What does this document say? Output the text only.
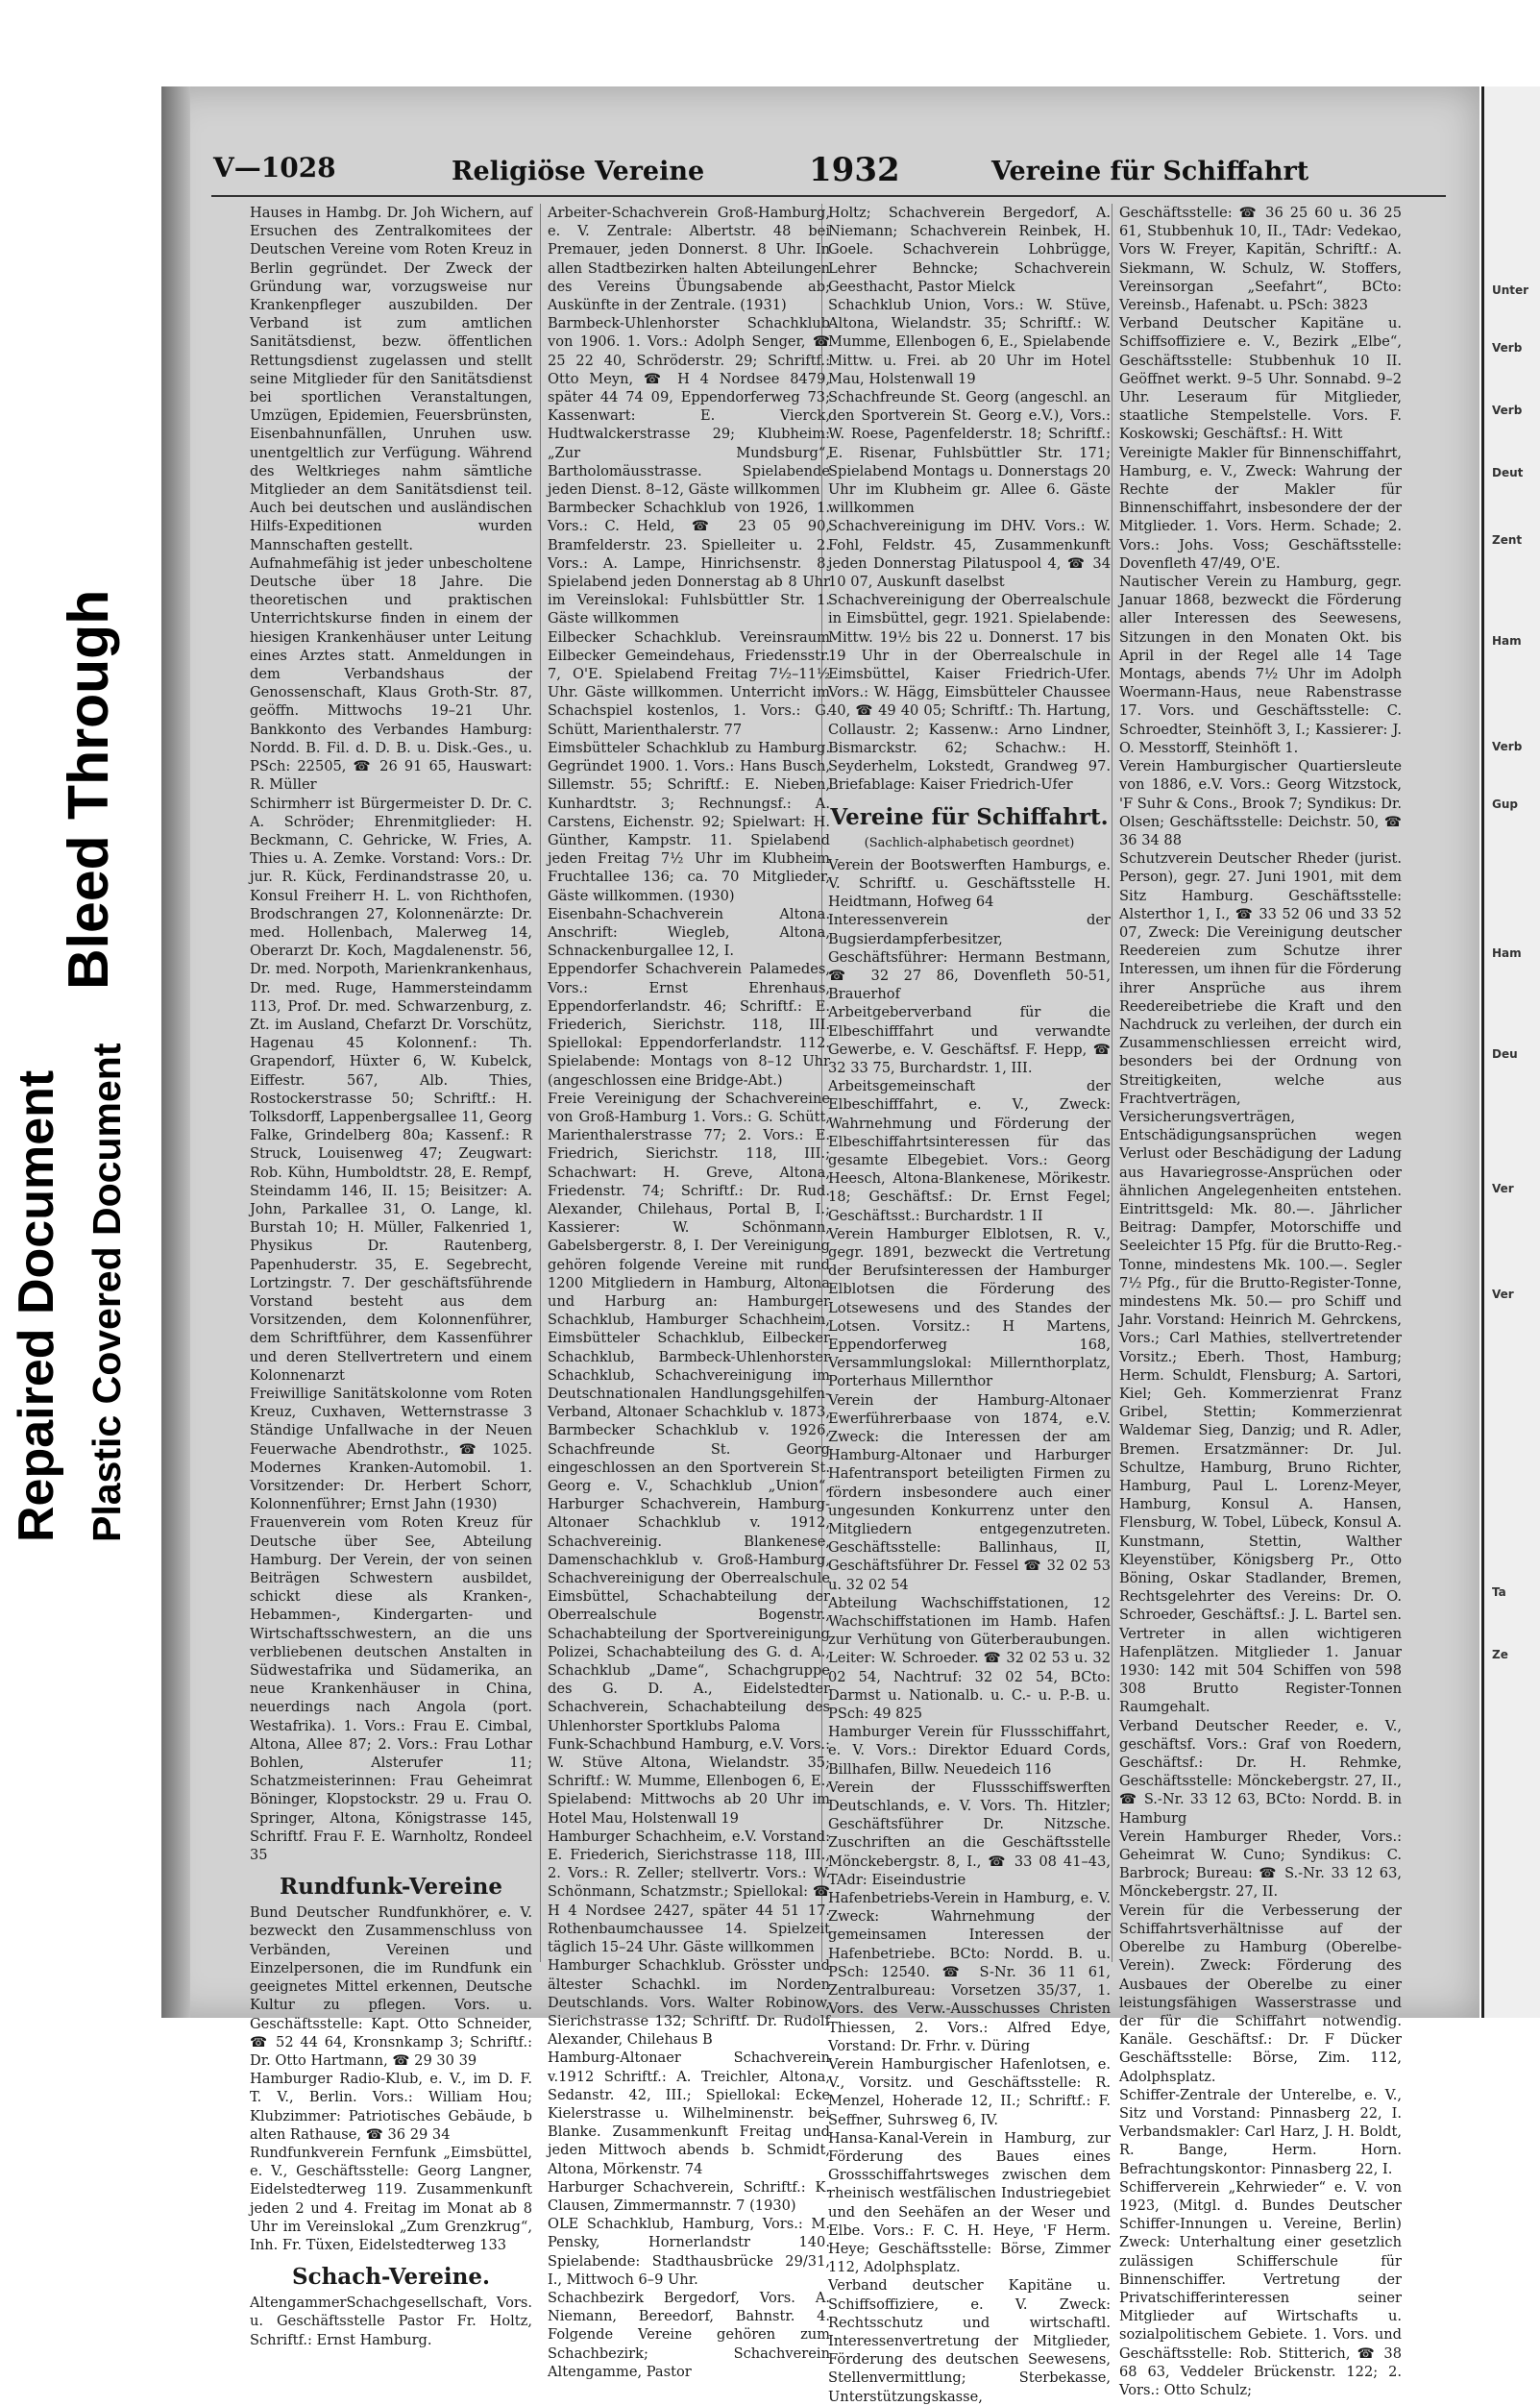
V—1028	Religiöse Vereine	1932	Vereine für Schiffahrt

Hauses in Hambg. Dr. Joh Wichern, auf Ersuchen des Zentralkomitees der Deutschen Vereine vom Roten Kreuz in Berlin gegründet. Der Zweck der Gründung war, vorzugsweise nur Krankenpfleger auszubilden. Der Verband ist zum amtlichen Sanitätsdienst, bezw. öffentlichen Rettungsdienst zugelassen und stellt seine Mitglieder für den Sanitätsdienst bei sportlichen Veranstaltungen, Umzügen, Epidemien, Feuersbrünsten, Eisenbahnunfällen, Unruhen usw. unentgeltlich zur Verfügung. Während des Weltkrieges nahm sämtliche Mitglieder an dem Sanitätsdienst teil. Auch bei deutschen und ausländischen Hilfs-Expeditionen wurden Mannschaften gestellt.

Aufnahmefähig ist jeder unbescholtene Deutsche über 18 Jahre. Die theoretischen und praktischen Unterrichtskurse finden in einem der hiesigen Krankenhäuser unter Leitung eines Arztes statt. Anmeldungen in dem Verbandshaus der Genossenschaft, Klaus Groth-Str. 87, geöffn. Mittwochs 19–21 Uhr. Bankkonto des Verbandes Hamburg: Nordd. B. Fil. d. D. B. u. Disk.-Ges., u. PSch: 22505, ☎ 26 91 65, Hauswart: R. Müller

Schirmherr ist Bürgermeister D. Dr. C. A. Schröder; Ehrenmitglieder: H. Beckmann, C. Gehricke, W. Fries, A. Thies u. A. Zemke. Vorstand: Vors.: Dr. jur. R. Kück, Ferdinandstrasse 20, u. Konsul Freiherr H. L. von Richthofen, Brodschrangen 27, Kolonnenärzte: Dr. med. Hollenbach, Malerweg 14, Oberarzt Dr. Koch, Magdalenenstr. 56, Dr. med. Norpoth, Marienkrankenhaus, Dr. med. Ruge, Hammersteindamm 113, Prof. Dr. med. Schwarzenburg, z. Zt. im Ausland, Chefarzt Dr. Vorschütz, Hagenau 45 Kolonnenf.: Th. Grapendorf, Hüxter 6, W. Kubelck, Eiffestr. 567, Alb. Thies, Rostockerstrasse 50; Schriftf.: H. Tolksdorff, Lappenbergsallee 11, Georg Falke, Grindelberg 80a; Kassenf.: R Struck, Louisenweg 47; Zeugwart: Rob. Kühn, Humboldtstr. 28, E. Rempf, Steindamm 146, II. 15; Beisitzer: A. John, Parkallee 31, O. Lange, kl. Burstah 10; H. Müller, Falkenried 1, Physikus Dr. Rautenberg, Papenhuderstr. 35, E. Segebrecht, Lortzingstr. 7. Der geschäftsführende Vorstand besteht aus dem Vorsitzenden, dem Kolonnenführer, dem Schriftführer, dem Kassenführer und deren Stellvertretern und einem Kolonnenarzt

Freiwillige Sanitätskolonne vom Roten Kreuz, Cuxhaven, Wetternstrasse 3 Ständige Unfallwache in der Neuen Feuerwache Abendrothstr., ☎ 1025. Modernes Kranken-Automobil. 1. Vorsitzender: Dr. Herbert Schorr, Kolonnenführer; Ernst Jahn (1930)

Frauenverein vom Roten Kreuz für Deutsche über See, Abteilung Hamburg. Der Verein, der von seinen Beiträgen Schwestern ausbildet, schickt diese als Kranken-, Hebammen-, Kindergarten- und Wirtschaftsschwestern, an die uns verbliebenen deutschen Anstalten in Südwestafrika und Südamerika, an neue Krankenhäuser in China, neuerdings nach Angola (port. Westafrika). 1. Vors.: Frau E. Cimbal, Altona, Allee 87; 2. Vors.: Frau Lothar Bohlen, Alsterufer 11; Schatzmeisterinnen: Frau Geheimrat Böninger, Klopstockstr. 29 u. Frau O. Springer, Altona, Königstrasse 145, Schriftf. Frau F. E. Warnholtz, Rondeel 35

Rundfunk-Vereine

Bund Deutscher Rundfunkhörer, e. V. bezweckt den Zusammenschluss von Verbänden, Vereinen und Einzelpersonen, die im Rundfunk ein geeignetes Mittel erkennen, Deutsche Kultur zu pflegen. Vors. u. Geschäftsstelle: Kapt. Otto Schneider, ☎ 52 44 64, Kronsnkamp 3; Schriftf.: Dr. Otto Hartmann, ☎ 29 30 39

Hamburger Radio-Klub, e. V., im D. F. T. V., Berlin. Vors.: William Hou; Klubzimmer: Patriotisches Gebäude, b alten Rathause, ☎ 36 29 34

Rundfunkverein Fernfunk „Eimsbüttel, e. V., Geschäftsstelle: Georg Langner, Eidelstedterweg 119. Zusammenkunft jeden 2 und 4. Freitag im Monat ab 8 Uhr im Vereinslokal „Zum Grenzkrug“, Inh. Fr. Tüxen, Eidelstedterweg 133

Schach-Vereine.

AltengammerSchachgesellschaft, Vors. u. Geschäftsstelle Pastor Fr. Holtz, Schriftf.: Ernst Hamburg.

Arbeiter-Schachverein Groß-Hamburg, e. V. Zentrale: Albertstr. 48 bei Premauer, jeden Donnerst. 8 Uhr. In allen Stadtbezirken halten Abteilungen des Vereins Übungsabende ab; Auskünfte in der Zentrale. (1931)

Barmbeck-Uhlenhorster Schachklub von 1906. 1. Vors.: Adolph Senger, ☎ 25 22 40, Schröderstr. 29; Schriftf.: Otto Meyn, ☎ H 4 Nordsee 8479, später 44 74 09, Eppendorferweg 73; Kassenwart: E. Vierck, Hudtwalckerstrasse 29; Klubheim: „Zur Mundsburg“, Bartholomäusstrasse. Spielabende jeden Dienst. 8–12, Gäste willkommen

Barmbecker Schachklub von 1926, 1. Vors.: C. Held, ☎ 23 05 90, Bramfelderstr. 23. Spielleiter u. 2. Vors.: A. Lampe, Hinrichsenstr. 8. Spielabend jeden Donnerstag ab 8 Uhr im Vereinslokal: Fuhlsbüttler Str. 1. Gäste willkommen

Eilbecker Schachklub. Vereinsraum Eilbecker Gemeindehaus, Friedensstr. 7, O'E. Spielabend Freitag 7½–11½ Uhr. Gäste willkommen. Unterricht im Schachspiel kostenlos, 1. Vors.: G. Schütt, Marienthalerstr. 77

Eimsbütteler Schachklub zu Hamburg. Gegründet 1900. 1. Vors.: Hans Busch, Sillemstr. 55; Schriftf.: E. Nieben, Kunhardtstr. 3; Rechnungsf.: A. Carstens, Eichenstr. 92; Spielwart: H. Günther, Kampstr. 11. Spielabend jeden Freitag 7½ Uhr im Klubheim Fruchtallee 136; ca. 70 Mitglieder, Gäste willkommen. (1930)

Eisenbahn-Schachverein Altona. Anschrift: Wiegleb, Altona, Schnackenburgallee 12, I.

Eppendorfer Schachverein Palamedes, Vors.: Ernst Ehrenhaus, Eppendorferlandstr. 46; Schriftf.: E. Friederich, Sierichstr. 118, III. Spiellokal: Eppendorferlandstr. 112. Spielabende: Montags von 8–12 Uhr (angeschlossen eine Bridge-Abt.)

Freie Vereinigung der Schachvereine von Groß-Hamburg 1. Vors.: G. Schütt, Marienthalerstrasse 77; 2. Vors.: E. Friedrich, Sierichstr. 118, III.; Schachwart: H. Greve, Altona, Friedenstr. 74; Schriftf.: Dr. Rud. Alexander, Chilehaus, Portal B, I.; Kassierer: W. Schönmann, Gabelsbergerstr. 8, I. Der Vereinigung gehören folgende Vereine mit rund 1200 Mitgliedern in Hamburg, Altona und Harburg an: Hamburger Schachklub, Hamburger Schachheim, Eimsbütteler Schachklub, Eilbecker Schachklub, Barmbeck-Uhlenhorster Schachklub, Schachvereinigung im Deutschnationalen Handlungsgehilfen-Verband, Altonaer Schachklub v. 1873, Barmbecker Schachklub v. 1926, Schachfreunde St. Georg eingeschlossen an den Sportverein St. Georg e. V., Schachklub „Union“, Harburger Schachverein, Hamburg-Altonaer Schachklub v. 1912, Schachvereinig. Blankenese, Damenschachklub v. Groß-Hamburg, Schachvereinigung der Oberrealschule Eimsbüttel, Schachabteilung der Oberrealschule Bogenstr., Schachabteilung der Sportvereinigung Polizei, Schachabteilung des G. d. A., Schachklub „Dame“, Schachgruppe des G. D. A., Eidelstedter Schachverein, Schachabteilung des Uhlenhorster Sportklubs Paloma

Funk-Schachbund Hamburg, e.V. Vors.: W. Stüve Altona, Wielandstr. 35; Schriftf.: W. Mumme, Ellenbogen 6, E., Spielabend: Mittwochs ab 20 Uhr im Hotel Mau, Holstenwall 19

Hamburger Schachheim, e.V. Vorstand: E. Friederich, Sierichstrasse 118, III., 2. Vors.: R. Zeller; stellvertr. Vors.: W. Schönmann, Schatzmstr.; Spiellokal: ☎ H 4 Nordsee 2427, später 44 51 17. Rothenbaumchaussee 14. Spielzeit täglich 15–24 Uhr. Gäste willkommen

Hamburger Schachklub. Grösster und ältester Schachkl. im Norden Deutschlands. Vors. Walter Robinow, Sierichstrasse 132; Schriftf. Dr. Rudolf Alexander, Chilehaus B

Hamburg-Altonaer Schachverein v.1912 Schriftf.: A. Treichler, Altona, Sedanstr. 42, III.; Spiellokal: Ecke Kielerstrasse u. Wilhelminenstr. bei Blanke. Zusammenkunft Freitag und jeden Mittwoch abends b. Schmidt, Altona, Mörkenstr. 74

Harburger Schachverein, Schriftf.: K. Clausen, Zimmermannstr. 7 (1930)

OLE Schachklub, Hamburg, Vors.: M. Pensky, Hornerlandstr 140. Spielabende: Stadthausbrücke 29/31, I., Mittwoch 6–9 Uhr.

Schachbezirk Bergedorf, Vors. A. Niemann, Bereedorf, Bahnstr. 4. Folgende Vereine gehören zum Schachbezirk; Schachverein Altengamme, Pastor

Holtz; Schachverein Bergedorf, A. Niemann; Schachverein Reinbek, H. Goele. Schachverein Lohbrügge, Lehrer Behncke; Schachverein Geesthacht, Pastor Mielck

Schachklub Union, Vors.: W. Stüve, Altona, Wielandstr. 35; Schriftf.: W. Mumme, Ellenbogen 6, E., Spielabende Mittw. u. Frei. ab 20 Uhr im Hotel Mau, Holstenwall 19

Schachfreunde St. Georg (angeschl. an den Sportverein St. Georg e.V.), Vors.: W. Roese, Pagenfelderstr. 18; Schriftf.: E. Risenar, Fuhlsbüttler Str. 171; Spielabend Montags u. Donnerstags 20 Uhr im Klubheim gr. Allee 6. Gäste willkommen

Schachvereinigung im DHV. Vors.: W. Fohl, Feldstr. 45, Zusammenkunft jeden Donnerstag Pilatuspool 4, ☎ 34 10 07, Auskunft daselbst

Schachvereinigung der Oberrealschule in Eimsbüttel, gegr. 1921. Spielabende: Mittw. 19½ bis 22 u. Donnerst. 17 bis 19 Uhr in der Oberrealschule in Eimsbüttel, Kaiser Friedrich-Ufer. Vors.: W. Hägg, Eimsbütteler Chaussee 40, ☎ 49 40 05; Schriftf.: Th. Hartung, Collaustr. 2; Kassenw.: Arno Lindner, Bismarckstr. 62; Schachw.: H. Seyderhelm, Lokstedt, Grandweg 97. Briefablage: Kaiser Friedrich-Ufer

Vereine für Schiffahrt.
(Sachlich-alphabetisch geordnet)

Verein der Bootswerften Hamburgs, e. V. Schriftf. u. Geschäftsstelle H. Heidtmann, Hofweg 64

Interessenverein der Bugsierdampferbesitzer, Geschäftsführer: Hermann Bestmann, ☎ 32 27 86, Dovenfleth 50-51, Brauerhof

Arbeitgeberverband für die Elbeschifffahrt und verwandte Gewerbe, e. V. Geschäftsf. F. Hepp, ☎ 32 33 75, Burchardstr. 1, III.

Arbeitsgemeinschaft der Elbeschifffahrt, e. V., Zweck: Wahrnehmung und Förderung der Elbeschiffahrtsinteressen für das gesamte Elbegebiet. Vors.: Georg Heesch, Altona-Blankenese, Mörikestr. 18; Geschäftsf.: Dr. Ernst Fegel; Geschäftsst.: Burchardstr. 1 II

Verein Hamburger Elblotsen, R. V., gegr. 1891, bezweckt die Vertretung der Berufsinteressen der Hamburger Elblotsen die Förderung des Lotsewesens und des Standes der Lotsen. Vorsitz.: H Martens, Eppendorferweg 168, Versammlungslokal: Millernthorplatz, Porterhaus Millernthor

Verein der Hamburg-Altonaer Ewerführerbaase von 1874, e.V. Zweck: die Interessen der am Hamburg-Altonaer und Harburger Hafentransport beteiligten Firmen zu fördern insbesondere auch einer ungesunden Konkurrenz unter den Mitgliedern entgegenzutreten. Geschäftsstelle: Ballinhaus, II, Geschäftsführer Dr. Fessel ☎ 32 02 53 u. 32 02 54

Abteilung Wachschiffstationen, 12 Wachschiffstationen im Hamb. Hafen zur Verhütung von Güterberaubungen. Leiter: W. Schroeder. ☎ 32 02 53 u. 32 02 54, Nachtruf: 32 02 54, BCto: Darmst u. Nationalb. u. C.- u. P.-B. u. PSch: 49 825

Hamburger Verein für Flussschiffahrt, e. V. Vors.: Direktor Eduard Cords, Billhafen, Billw. Neuedeich 116

Verein der Flussschiffswerften Deutschlands, e. V. Vors. Th. Hitzler; Geschäftsführer Dr. Nitzsche. Zuschriften an die Geschäftsstelle Mönckebergstr. 8, I., ☎ 33 08 41–43, TAdr: Eiseindustrie

Hafenbetriebs-Verein in Hamburg, e. V. Zweck: Wahrnehmung der gemeinsamen Interessen der Hafenbetriebe. BCto: Nordd. B. u. PSch: 12540. ☎ S-Nr. 36 11 61, Zentralbureau: Vorsetzen 35/37, 1. Vors. des Verw.-Ausschusses Christen Thiessen, 2. Vors.: Alfred Edye, Vorstand: Dr. Frhr. v. Düring

Verein Hamburgischer Hafenlotsen, e. V., Vorsitz. und Geschäftsstelle: R. Menzel, Hoherade 12, II.; Schriftf.: F. Seffner, Suhrsweg 6, IV.

Hansa-Kanal-Verein in Hamburg, zur Förderung des Baues eines Grossschiffahrtsweges zwischen dem rheinisch westfälischen Industriegebiet und den Seehäfen an der Weser und Elbe. Vors.: F. C. H. Heye, 'F Herm. Heye; Geschäftsstelle: Börse, Zimmer 112, Adolphsplatz.

Verband deutscher Kapitäne u. Schiffsoffiziere, e. V. Zweck: Rechtsschutz und wirtschaftl. Interessenvertretung der Mitglieder, Förderung des deutschen Seewesens, Stellenvermittlung; Sterbekasse, Unterstützungskasse,

Geschäftsstelle: ☎ 36 25 60 u. 36 25 61, Stubbenhuk 10, II., TAdr: Vedekao, Vors W. Freyer, Kapitän, Schriftf.: A. Siekmann, W. Schulz, W. Stoffers, Vereinsorgan „Seefahrt“, BCto: Vereinsb., Hafenabt. u. PSch: 3823

Verband Deutscher Kapitäne u. Schiffsoffiziere e. V., Bezirk „Elbe“, Geschäftsstelle: Stubbenhuk 10 II. Geöffnet werkt. 9–5 Uhr. Sonnabd. 9–2 Uhr. Leseraum für Mitglieder, staatliche Stempelstelle. Vors. F. Koskowski; Geschäftsf.: H. Witt

Vereinigte Makler für Binnenschiffahrt, Hamburg, e. V., Zweck: Wahrung der Rechte der Makler für Binnenschiffahrt, insbesondere der der Mitglieder. 1. Vors. Herm. Schade; 2. Vors.: Johs. Voss; Geschäftsstelle: Dovenfleth 47/49, O'E.

Nautischer Verein zu Hamburg, gegr. Januar 1868, bezweckt die Förderung aller Interessen des Seewesens, Sitzungen in den Monaten Okt. bis April in der Regel alle 14 Tage Montags, abends 7½ Uhr im Adolph Woermann-Haus, neue Rabenstrasse 17. Vors. und Geschäftsstelle: C. Schroedter, Steinhöft 3, I.; Kassierer: J. O. Messtorff, Steinhöft 1.

Verein Hamburgischer Quartiersleute von 1886, e.V. Vors.: Georg Witzstock, 'F Suhr & Cons., Brook 7; Syndikus: Dr. Olsen; Geschäftsstelle: Deichstr. 50, ☎ 36 34 88

Schutzverein Deutscher Rheder (jurist. Person), gegr. 27. Juni 1901, mit dem Sitz Hamburg. Geschäftsstelle: Alsterthor 1, I., ☎ 33 52 06 und 33 52 07, Zweck: Die Vereinigung deutscher Reedereien zum Schutze ihrer Interessen, um ihnen für die Förderung ihrer Ansprüche aus ihrem Reedereibetriebe die Kraft und den Nachdruck zu verleihen, der durch ein Zusammenschliessen erreicht wird, besonders bei der Ordnung von Streitigkeiten, welche aus Frachtverträgen, Versicherungsverträgen, Entschädigungsansprüchen wegen Verlust oder Beschädigung der Ladung aus Havariegrosse-Ansprüchen oder ähnlichen Angelegenheiten entstehen. Eintrittsgeld: Mk. 80.—. Jährlicher Beitrag: Dampfer, Motorschiffe und Seeleichter 15 Pfg. für die Brutto-Reg.-Tonne, mindestens Mk. 100.—. Segler 7½ Pfg., für die Brutto-Register-Tonne, mindestens Mk. 50.— pro Schiff und Jahr. Vorstand: Heinrich M. Gehrckens, Vors.; Carl Mathies, stellvertretender Vorsitz.; Eberh. Thost, Hamburg; Herm. Schuldt, Flensburg; A. Sartori, Kiel; Geh. Kommerzienrat Franz Gribel, Stettin; Kommerzienrat Waldemar Sieg, Danzig; und R. Adler, Bremen. Ersatzmänner: Dr. Jul. Schultze, Hamburg, Bruno Richter, Hamburg, Paul L. Lorenz-Meyer, Hamburg, Konsul A. Hansen, Flensburg, W. Tobel, Lübeck, Konsul A. Kunstmann, Stettin, Walther Kleyenstüber, Königsberg Pr., Otto Böning, Oskar Stadlander, Bremen, Rechtsgelehrter des Vereins: Dr. O. Schroeder, Geschäftsf.: J. L. Bartel sen. Vertreter in allen wichtigeren Hafenplätzen. Mitglieder 1. Januar 1930: 142 mit 504 Schiffen von 598 308 Brutto Register-Tonnen Raumgehalt.

Verband Deutscher Reeder, e. V., geschäftsf. Vors.: Graf von Roedern, Geschäftsf.: Dr. H. Rehmke, Geschäftsstelle: Mönckebergstr. 27, II., ☎ S.-Nr. 33 12 63, BCto: Nordd. B. in Hamburg

Verein Hamburger Rheder, Vors.: Geheimrat W. Cuno; Syndikus: C. Barbrock; Bureau: ☎ S.-Nr. 33 12 63, Mönckebergstr. 27, II.

Verein für die Verbesserung der Schiffahrtsverhältnisse auf der Oberelbe zu Hamburg (Oberelbe-Verein). Zweck: Förderung des Ausbaues der Oberelbe zu einer leistungsfähigen Wasserstrasse und der für die Schiffahrt notwendig. Kanäle. Geschäftsf.: Dr. F Dücker Geschäftsstelle: Börse, Zim. 112, Adolphsplatz.

Schiffer-Zentrale der Unterelbe, e. V., Sitz und Vorstand: Pinnasberg 22, I. Verbandsmakler: Carl Harz, J. H. Boldt, R. Bange, Herm. Horn. Befrachtungskontor: Pinnasberg 22, I.

Schifferverein „Kehrwieder“ e. V. von 1923, (Mitgl. d. Bundes Deutscher Schiffer-Innungen u. Vereine, Berlin) Zweck: Unterhaltung einer gesetzlich zulässigen Schifferschule für Binnenschiffer. Vertretung der Privatschifferinteressen seiner Mitglieder auf Wirtschafts u. sozialpolitischem Gebiete. 1. Vors. und Geschäftsstelle: Rob. Stitterich, ☎ 38 68 63, Veddeler Brückenstr. 122; 2. Vors.: Otto Schulz;

Unter
Verb
Verb
Deut
Zent
Ham
Verb
Gup
Ham
Deu
Ver
Ver
Ta
Ze
Repaired Document Plastic Covered Document
Bleed Through
